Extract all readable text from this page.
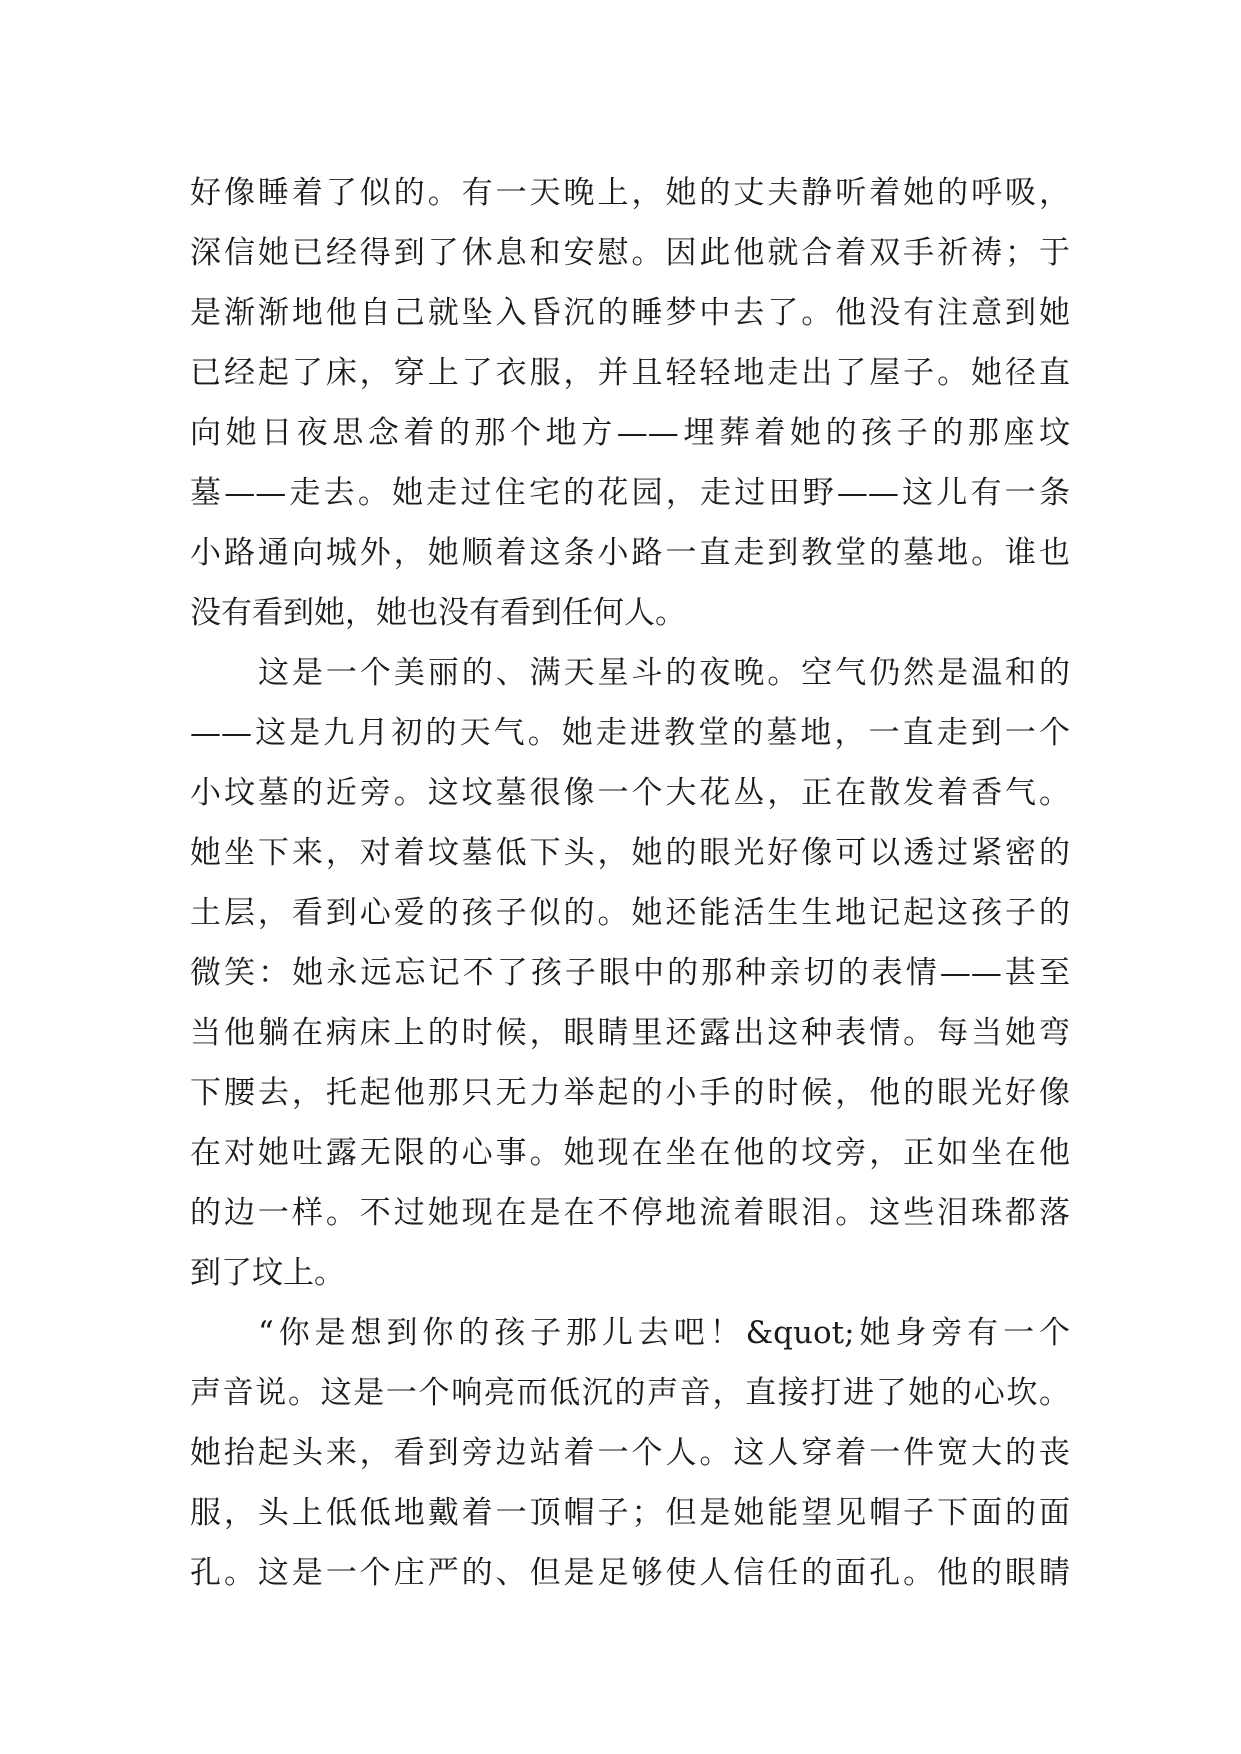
好像睡着了似的。有一天晚上，她的丈夫静听着她的呼吸，
深信她已经得到了休息和安慰。因此他就合着双手祈祷；于
是渐渐地他自己就坠入昏沉的睡梦中去了。他没有注意到她
已经起了床，穿上了衣服，并且轻轻地走出了屋子。她径直
向她日夜思念着的那个地方——埋葬着她的孩子的那座坟
墓——走去。她走过住宅的花园，走过田野——这儿有一条
小路通向城外，她顺着这条小路一直走到教堂的墓地。谁也
没有看到她，她也没有看到任何人。
这是一个美丽的、满天星斗的夜晚。空气仍然是温和的
——这是九月初的天气。她走进教堂的墓地，一直走到一个
小坟墓的近旁。这坟墓很像一个大花丛，正在散发着香气。
她坐下来，对着坟墓低下头，她的眼光好像可以透过紧密的
土层，看到心爱的孩子似的。她还能活生生地记起这孩子的
微笑：她永远忘记不了孩子眼中的那种亲切的表情——甚至
当他躺在病床上的时候，眼睛里还露出这种表情。每当她弯
下腰去，托起他那只无力举起的小手的时候，他的眼光好像
在对她吐露无限的心事。她现在坐在他的坟旁，正如坐在他
的边一样。不过她现在是在不停地流着眼泪。这些泪珠都落
到了坟上。
“你是想到你的孩子那儿去吧！&quot;她身旁有一个
声音说。这是一个响亮而低沉的声音，直接打进了她的心坎。
她抬起头来，看到旁边站着一个人。这人穿着一件宽大的丧
服，头上低低地戴着一顶帽子；但是她能望见帽子下面的面
孔。这是一个庄严的、但是足够使人信任的面孔。他的眼睛
